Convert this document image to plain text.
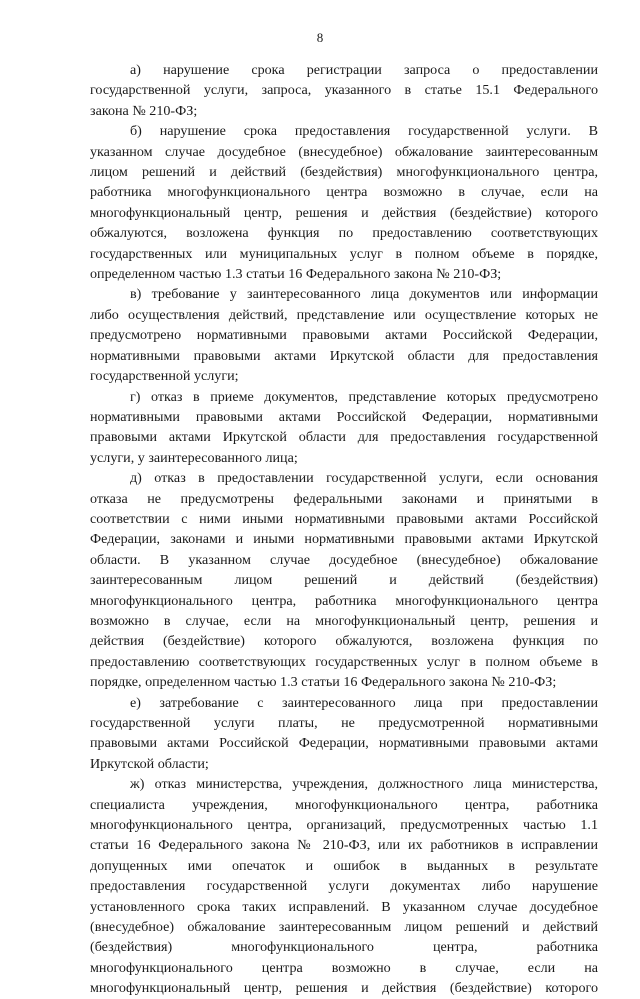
8
а) нарушение срока регистрации запроса о предоставлении
государственной услуги, запроса, указанного в статье 15.1 Федерального
закона № 210-ФЗ;
б) нарушение срока предоставления государственной услуги. В
указанном случае досудебное (внесудебное) обжалование заинтересованным
лицом решений и действий (бездействия) многофункционального центра,
работника многофункционального центра возможно в случае, если на
многофункциональный центр, решения и действия (бездействие) которого
обжалуются, возложена функция по предоставлению соответствующих
государственных или муниципальных услуг в полном объеме в порядке,
определенном частью 1.3 статьи 16 Федерального закона № 210-ФЗ;
в) требование у заинтересованного лица документов или информации
либо осуществления действий, представление или осуществление которых не
предусмотрено нормативными правовыми актами Российской Федерации,
нормативными правовыми актами Иркутской области для предоставления
государственной услуги;
г) отказ в приеме документов, представление которых предусмотрено
нормативными правовыми актами Российской Федерации, нормативными
правовыми актами Иркутской области для предоставления государственной
услуги, у заинтересованного лица;
д) отказ в предоставлении государственной услуги, если основания
отказа не предусмотрены федеральными законами и принятыми в
соответствии с ними иными нормативными правовыми актами Российской
Федерации, законами и иными нормативными правовыми актами Иркутской
области. В указанном случае досудебное (внесудебное) обжалование
заинтересованным лицом решений и действий (бездействия)
многофункционального центра, работника многофункционального центра
возможно в случае, если на многофункциональный центр, решения и
действия (бездействие) которого обжалуются, возложена функция по
предоставлению соответствующих государственных услуг в полном объеме в
порядке, определенном частью 1.3 статьи 16 Федерального закона № 210-ФЗ;
е) затребование с заинтересованного лица при предоставлении
государственной услуги платы, не предусмотренной нормативными
правовыми актами Российской Федерации, нормативными правовыми актами
Иркутской области;
ж) отказ министерства, учреждения, должностного лица министерства,
специалиста учреждения, многофункционального центра, работника
многофункционального центра, организаций, предусмотренных частью 1.1
статьи 16 Федерального закона № 210-ФЗ, или их работников в исправлении
допущенных ими опечаток и ошибок в выданных в результате
предоставления государственной услуги документах либо нарушение
установленного срока таких исправлений. В указанном случае досудебное
(внесудебное) обжалование заинтересованным лицом решений и действий
(бездействия) многофункционального центра, работника
многофункционального центра возможно в случае, если на
многофункциональный центр, решения и действия (бездействие) которого
